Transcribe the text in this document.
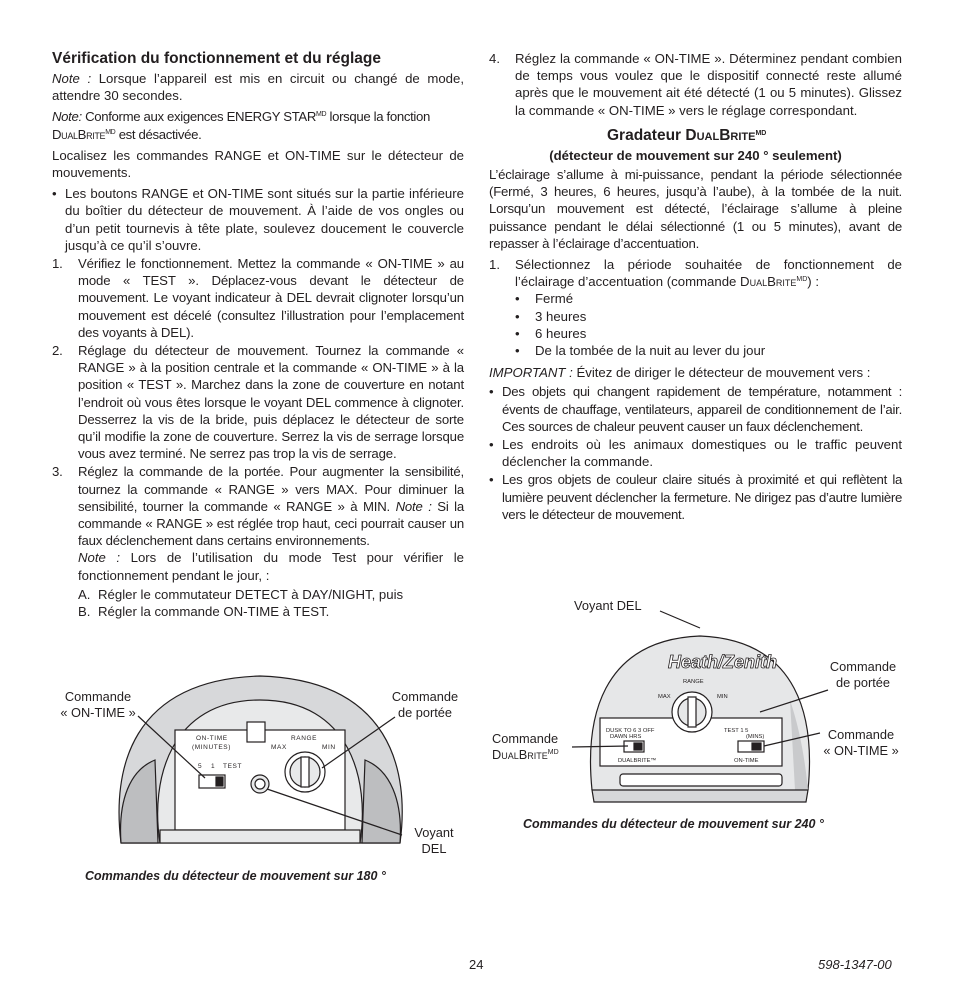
Vérification du fonctionnement et du réglage

Note : Lorsque l’appareil est mis en circuit ou changé de mode, attendre 30 secondes.

Note: Conforme aux exigences ENERGY $STAR^{MD}$ lorsque la fonction DualBrite$^{MD}$ est désactivée.

Localisez les commandes RANGE et ON-TIME sur le détecteur de mouvements.

• Les boutons RANGE et ON-TIME sont situés sur la partie inférieure du boîtier du détecteur de mouvement. À l’aide de vos ongles ou d’un petit tournevis à tête plate, soulevez doucement le couvercle jusqu’à ce qu’il s’ouvre.

1. Vérifiez le fonctionnement. Mettez la commande « ON-TIME » au mode « TEST ». Déplacez-vous devant le détecteur de mouvement. Le voyant indicateur à DEL devrait clignoter lorsqu’un mouvement est décelé (consultez l’illustration pour l’emplacement des voyants à DEL).

2. Réglage du détecteur de mouvement. Tournez la commande « RANGE » à la position centrale et la commande « ON-TIME » à la position « TEST ». Marchez dans la zone de couverture en notant l’endroit où vous êtes lorsque le voyant DEL commence à clignoter. Desserrez la vis de la bride, puis déplacez le détecteur de sorte qu’il modifie la zone de couverture. Serrez la vis de serrage lorsque vous avez terminé. Ne serrez pas trop la vis de serrage.

3. Réglez la commande de la portée. Pour augmenter la sensibilité, tournez la commande « RANGE » vers MAX. Pour diminuer la sensibilité, tourner la commande « RANGE » à MIN. Note : Si la commande « RANGE » est réglée trop haut, ceci pourrait causer un faux déclenchement dans certains environnements.

Note : Lors de l’utilisation du mode Test pour vérifier le fonctionnement pendant le jour, :

A. Régler le commutateur DETECT à DAY/NIGHT, puis

B. Régler la commande ON-TIME à TEST.

4. Réglez la commande « ON-TIME ». Déterminez pendant combien de temps vous voulez que le dispositif connecté reste allumé après que le mouvement ait été détecté (1 ou 5 minutes). Glissez la commande « ON-TIME » vers le réglage correspondant.

Gradateur DualBrite$^{MD}$
(détecteur de mouvement sur 240 ° seulement)

L’éclairage s’allume à mi-puissance, pendant la période sélectionnée (Fermé, 3 heures, 6 heures, jusqu’à l’aube), à la tombée de la nuit. Lorsqu’un mouvement est détecté, l’éclairage s’allume à pleine puissance pendant le délai sélectionné (1 ou 5 minutes), avant de repasser à l’éclairage d’accentuation.

1. Sélectionnez la période souhaitée de fonctionnement de l’éclairage d’accentuation (commande DualBrite$^{MD}$) :

• Fermé

• 3 heures

• 6 heures

• De la tombée de la nuit au lever du jour

IMPORTANT : Évitez de diriger le détecteur de mouvement vers :

• Des objets qui changent rapidement de température, notamment : évents de chauffage, ventilateurs, appareil de conditionnement de l’air. Ces sources de chaleur peuvent causer un faux déclenchement.

• Les endroits où les animaux domestiques ou le traffic peuvent déclencher la commande.

• Les gros objets de couleur claire situés à proximité et qui reflètent la lumière peuvent déclencher la fermeture. Ne dirigez pas d’autre lumière vers le détecteur de mouvement.

ON-TIME
(MINUTES)
RANGE
MAX	MIN
5 1 TEST
Commande
« ON-TIME »
Commande
de portée
Voyant
DEL
Commandes du détecteur de mouvement sur 180 °
Heath/Zenith
RANGE
MAX	MIN
DUSK TO 6 3 OFF
DAWN HRS
DUALBRITE™
TEST 1 5
(MINS)
ON-TIME
Voyant DEL
Commande
de portée
Commande
DualBrite$^{MD}$
Commande
« ON-TIME »
Commandes du détecteur de mouvement sur 240 °
24	598-1347-00
